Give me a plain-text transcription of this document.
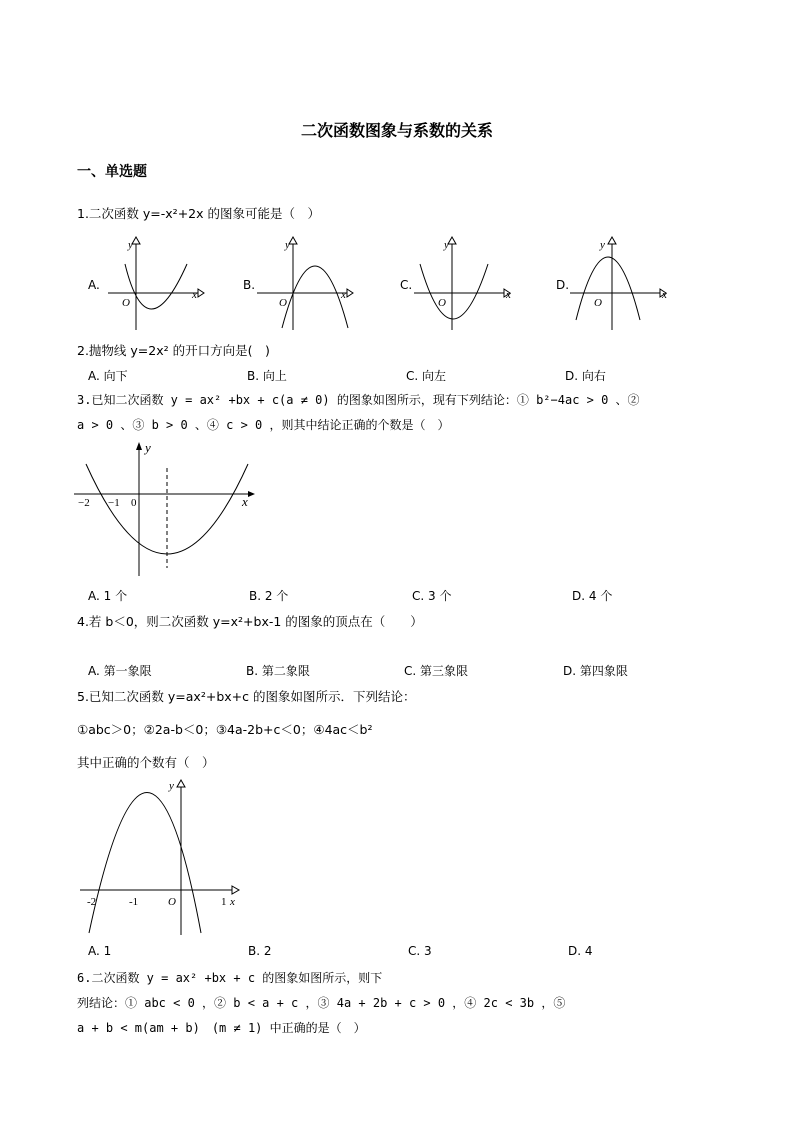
二次函数图象与系数的关系
一、单选题
1.二次函数 y=-x²+2x 的图象可能是（　）
A.
y
x
O
B.
y
x
O
C.
y
x
O
D.
y
x
O
2.抛物线 y=2x² 的开口方向是(　)
A. 向下	B. 向上	C. 向左	D. 向右
3.已知二次函数 y = ax² +bx + c(a ≠ 0) 的图象如图所示，现有下列结论：① b²−4ac > 0 、②
a > 0 、③ b > 0 、④ c > 0 ，则其中结论正确的个数是（　）
y
x
−2 −1 0
A. 1 个	B. 2 个	C. 3 个	D. 4 个
4.若 b＜0，则二次函数 y=x²+bx-1 的图象的顶点在（　　）
A. 第一象限	B. 第二象限	C. 第三象限	D. 第四象限
5.已知二次函数 y=ax²+bx+c 的图象如图所示．下列结论：
①abc＞0；②2a-b＜0；③4a-2b+c＜0；④4ac＜b²
其中正确的个数有（　）
y
x
-2	-1	O	1
A. 1	B. 2	C. 3	D. 4
6.二次函数 y = ax² +bx + c 的图象如图所示，则下
列结论：① abc < 0 ，② b < a + c ，③ 4a + 2b + c > 0 ，④ 2c < 3b ，⑤
a + b < m(am + b)　(m ≠ 1) 中正确的是（　）
